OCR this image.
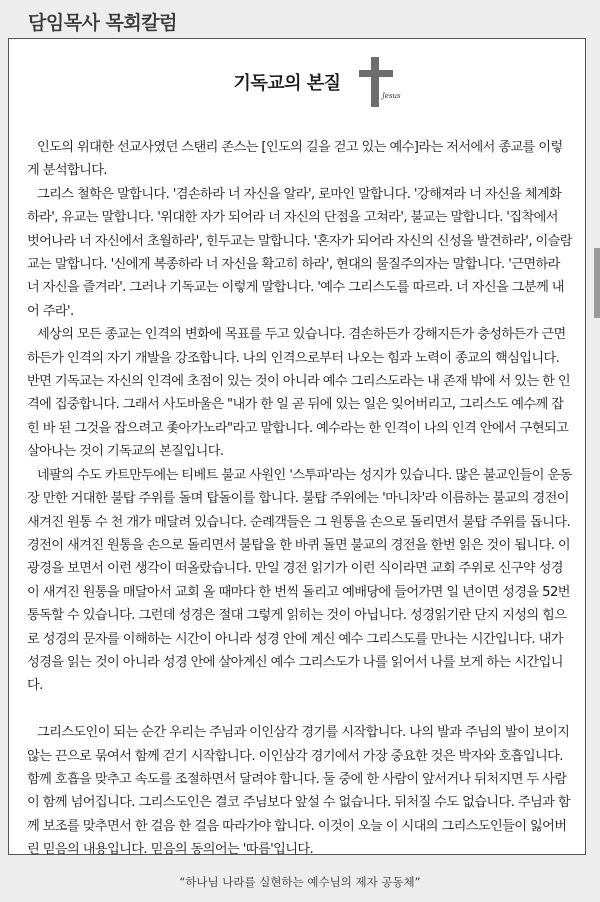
담임목사 목회칼럼
기독교의 본질
Jesus

인도의 위대한 선교사였던 스탠리 존스는 [인도의 길을 걷고 있는 예수]라는 저서에서 종교를 이렇게 분석합니다.

그리스 철학은 말합니다. '겸손하라 너 자신을 알라', 로마인 말합니다. '강해져라 너 자신을 체계화하라', 유교는 말합니다. '위대한 자가 되어라 너 자신의 단점을 고쳐라', 불교는 말합니다. '집착에서 벗어나라 너 자신에서 초월하라', 힌두교는 말합니다. '혼자가 되어라 자신의 신성을 발견하라', 이슬람교는 말합니다. '신에게 복종하라 너 자신을 확고히 하라', 현대의 물질주의자는 말합니다. '근면하라 너 자신을 즐겨라'. 그러나 기독교는 이렇게 말합니다. '예수 그리스도를 따르라. 너 자신을 그분께 내어 주라'.

세상의 모든 종교는 인격의 변화에 목표를 두고 있습니다. 겸손하든가 강해지든가 충성하든가 근면하든가 인격의 자기 개발을 강조합니다. 나의 인격으로부터 나오는 힘과 노력이 종교의 핵심입니다. 반면 기독교는 자신의 인격에 초점이 있는 것이 아니라 예수 그리스도라는 내 존재 밖에 서 있는 한 인격에 집중합니다. 그래서 사도바울은 "내가 한 일 곧 뒤에 있는 일은 잊어버리고, 그리스도 예수께 잡힌 바 된 그것을 잡으려고 좇아가노라"라고 말합니다. 예수라는 한 인격이 나의 인격 안에서 구현되고 살아나는 것이 기독교의 본질입니다.

네팔의 수도 카트만두에는 티베트 불교 사원인 '스투파'라는 성지가 있습니다. 많은 불교인들이 운동장 만한 거대한 불탑 주위를 돌며 탑돌이를 합니다. 불탑 주위에는 '마니차'라 이름하는 불교의 경전이 새겨진 원통 수 천 개가 매달려 있습니다. 순례객들은 그 원통을 손으로 돌리면서 불탑 주위를 돕니다. 경전이 새겨진 원통을 손으로 돌리면서 불탑을 한 바퀴 돌면 불교의 경전을 한번 읽은 것이 됩니다. 이 광경을 보면서 이런 생각이 떠올랐습니다. 만일 경전 읽기가 이런 식이라면 교회 주위로 신구약 성경이 새겨진 원통을 매달아서 교회 올 때마다 한 번씩 돌리고 예배당에 들어가면 일 년이면 성경을 52번 통독할 수 있습니다. 그런데 성경은 절대 그렇게 읽히는 것이 아닙니다. 성경읽기란 단지 지성의 힘으로 성경의 문자를 이해하는 시간이 아니라 성경 안에 계신 예수 그리스도를 만나는 시간입니다. 내가 성경을 읽는 것이 아니라 성경 안에 살아계신 예수 그리스도가 나를 읽어서 나를 보게 하는 시간입니다.

그리스도인이 되는 순간 우리는 주님과 이인삼각 경기를 시작합니다. 나의 발과 주님의 발이 보이지 않는 끈으로 묶여서 함께 걷기 시작합니다. 이인삼각 경기에서 가장 중요한 것은 박자와 호흡입니다. 함께 호흡을 맞추고 속도를 조절하면서 달려야 합니다. 둘 중에 한 사람이 앞서거나 뒤처지면 두 사람이 함께 넘어집니다. 그리스도인은 결코 주님보다 앞설 수 없습니다. 뒤처질 수도 없습니다. 주님과 함께 보조를 맞추면서 한 걸음 한 걸음 따라가야 합니다. 이것이 오늘 이 시대의 그리스도인들이 잃어버린 믿음의 내용입니다. 믿음의 동의어는 '따름'입니다.

“하나님 나라를 실현하는 예수님의 제자 공동체”
